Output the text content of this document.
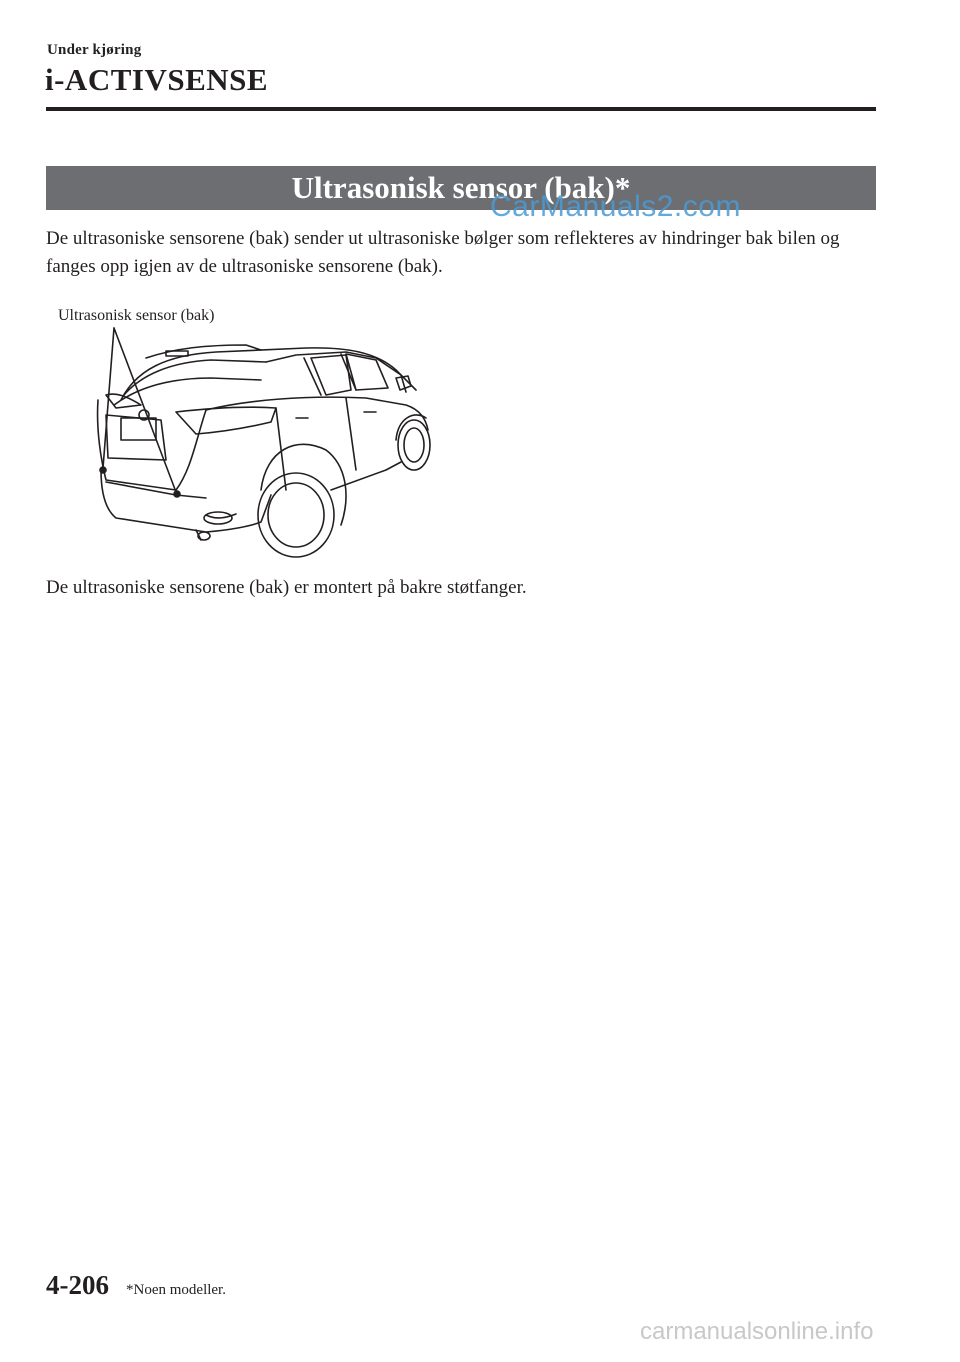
Under kjøring
i-ACTIVSENSE
Ultrasonisk sensor (bak)*
CarManuals2.com
De ultrasoniske sensorene (bak) sender ut ultrasoniske bølger som reflekteres av hindringer bak bilen og fanges opp igjen av de ultrasoniske sensorene (bak).
Ultrasonisk sensor (bak)
De ultrasoniske sensorene (bak) er montert på bakre støtfanger.
4-206 *Noen modeller.
carmanualsonline.info
